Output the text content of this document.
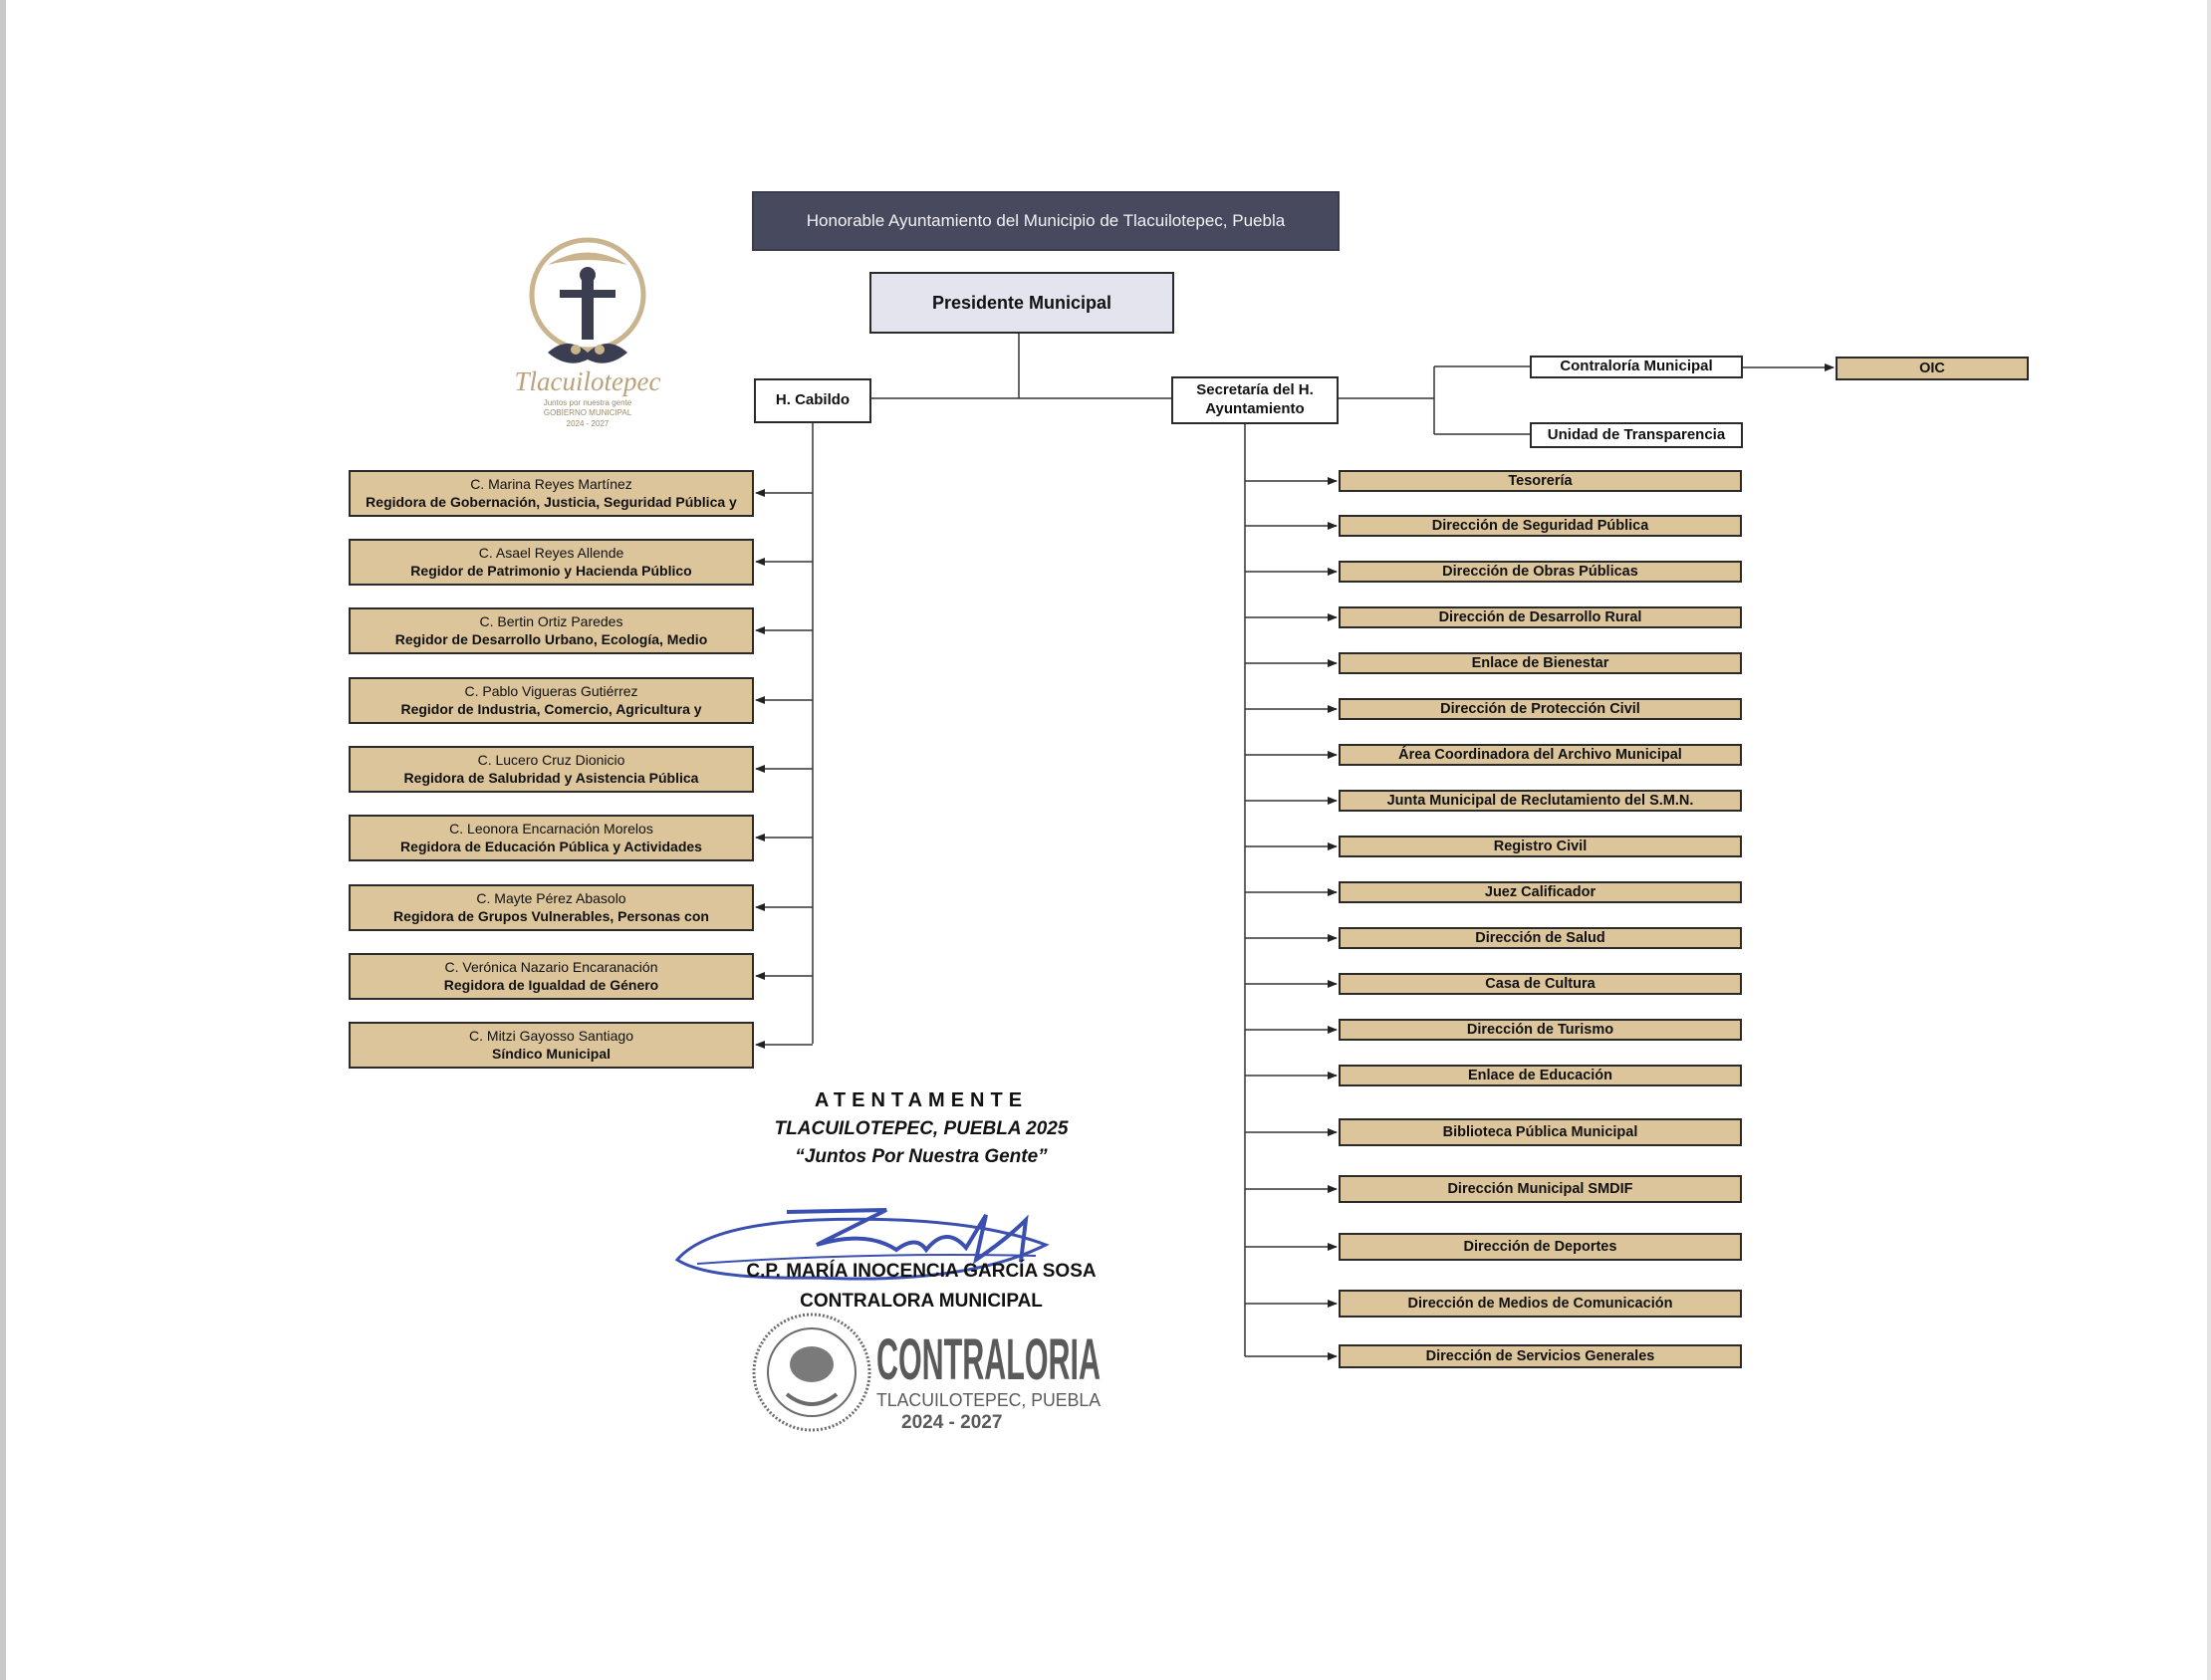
Tlacuilotepec
Juntos por nuestra gente
GOBIERNO MUNICIPAL
2024 - 2027
Honorable Ayuntamiento del Municipio de Tlacuilotepec, Puebla
Presidente Municipal
H. Cabildo
Secretaría del H.
Ayuntamiento
Contraloría Municipal	OIC
Unidad de Transparencia
C. Marina Reyes Martínez
Regidora de Gobernación, Justicia, Seguridad Pública y
C. Asael Reyes Allende
Regidor de Patrimonio y Hacienda Público
C. Bertin Ortiz Paredes
Regidor de Desarrollo Urbano, Ecología, Medio
C. Pablo Vigueras Gutiérrez
Regidor de Industria, Comercio, Agricultura y
C. Lucero Cruz Dionicio
Regidora de Salubridad y Asistencia Pública
C. Leonora Encarnación Morelos
Regidora de Educación Pública y Actividades
C. Mayte Pérez Abasolo
Regidora de Grupos Vulnerables, Personas con
C. Verónica Nazario Encaranación
Regidora de Igualdad de Género
C. Mitzi Gayosso Santiago
Síndico Municipal
Tesorería
Dirección de Seguridad Pública
Dirección de Obras Públicas
Dirección de Desarrollo Rural
Enlace de Bienestar
Dirección de Protección Civil
Área Coordinadora del Archivo Municipal
Junta Municipal de Reclutamiento del S.M.N.
Registro Civil
Juez Calificador
Dirección de Salud
Casa de Cultura
Dirección de Turismo
Enlace de Educación
Biblioteca Pública Municipal
Dirección Municipal SMDIF
Dirección de Deportes
Dirección de Medios de Comunicación
Dirección de Servicios Generales
ATENTAMENTE
TLACUILOTEPEC, PUEBLA 2025
“Juntos Por Nuestra Gente”
C.P. MARÍA INOCENCIA GARCÍA SOSA
CONTRALORA MUNICIPAL
CONTRALORIA
TLACUILOTEPEC, PUEBLA
2024 - 2027
